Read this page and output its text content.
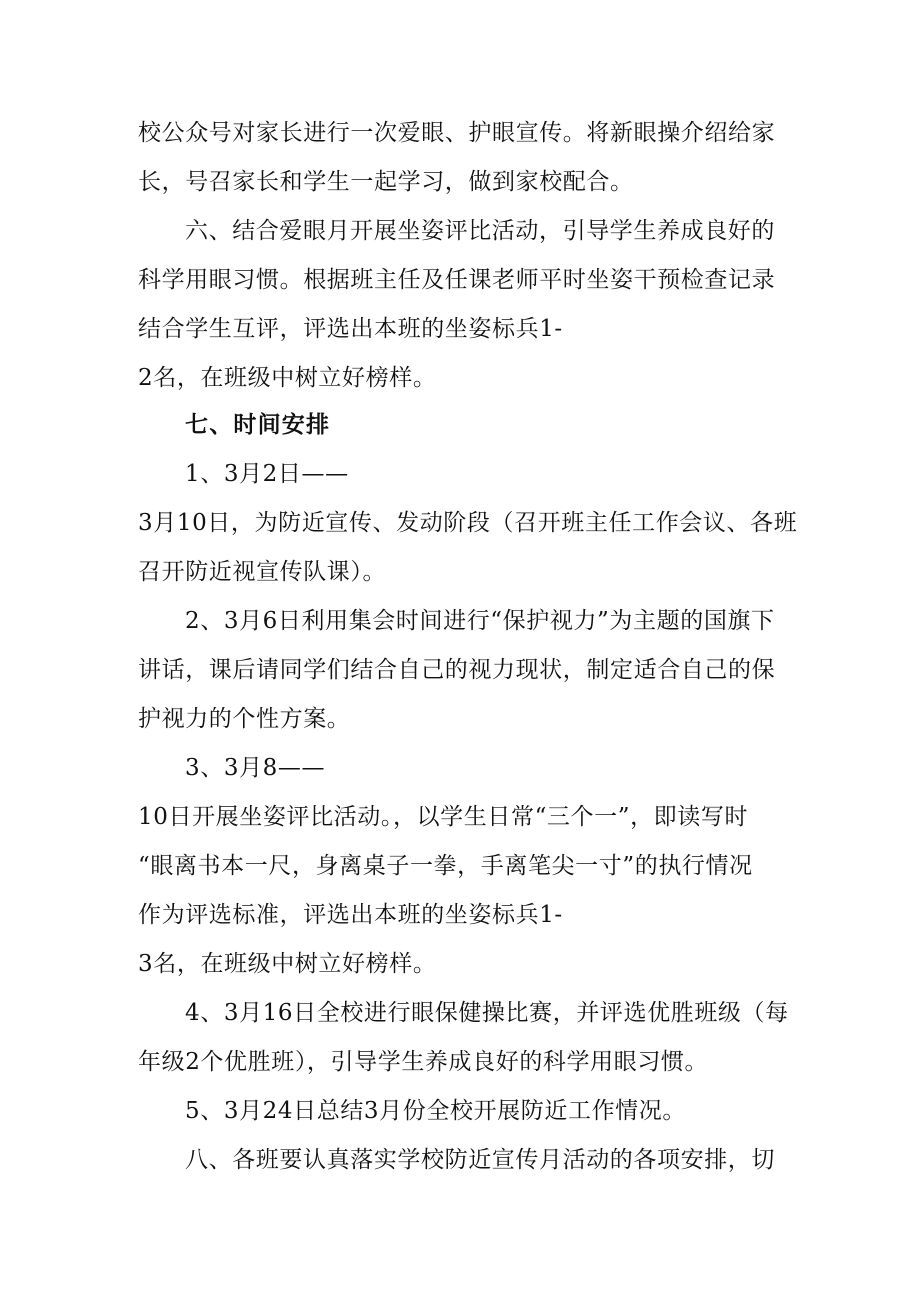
校公众号对家长进行一次爱眼、护眼宣传。将新眼操介绍给家
长，号召家长和学生一起学习，做到家校配合。
六、结合爱眼月开展坐姿评比活动，引导学生养成良好的
科学用眼习惯。根据班主任及任课老师平时坐姿干预检查记录
结合学生互评，评选出本班的坐姿标兵1-
2名，在班级中树立好榜样。
七、时间安排
1、3月2日——
3月10日，为防近宣传、发动阶段（召开班主任工作会议、各班
召开防近视宣传队课）。
2、3月6日利用集会时间进行“保护视力”为主题的国旗下
讲话，课后请同学们结合自己的视力现状，制定适合自己的保
护视力的个性方案。
3、3月8——
10日开展坐姿评比活动。，以学生日常“三个一”，即读写时
“眼离书本一尺，身离桌子一拳，手离笔尖一寸”的执行情况
作为评选标准，评选出本班的坐姿标兵1-
3名，在班级中树立好榜样。
4、3月16日全校进行眼保健操比赛，并评选优胜班级（每
年级2个优胜班），引导学生养成良好的科学用眼习惯。
5、3月24日总结3月份全校开展防近工作情况。
八、各班要认真落实学校防近宣传月活动的各项安排，切
